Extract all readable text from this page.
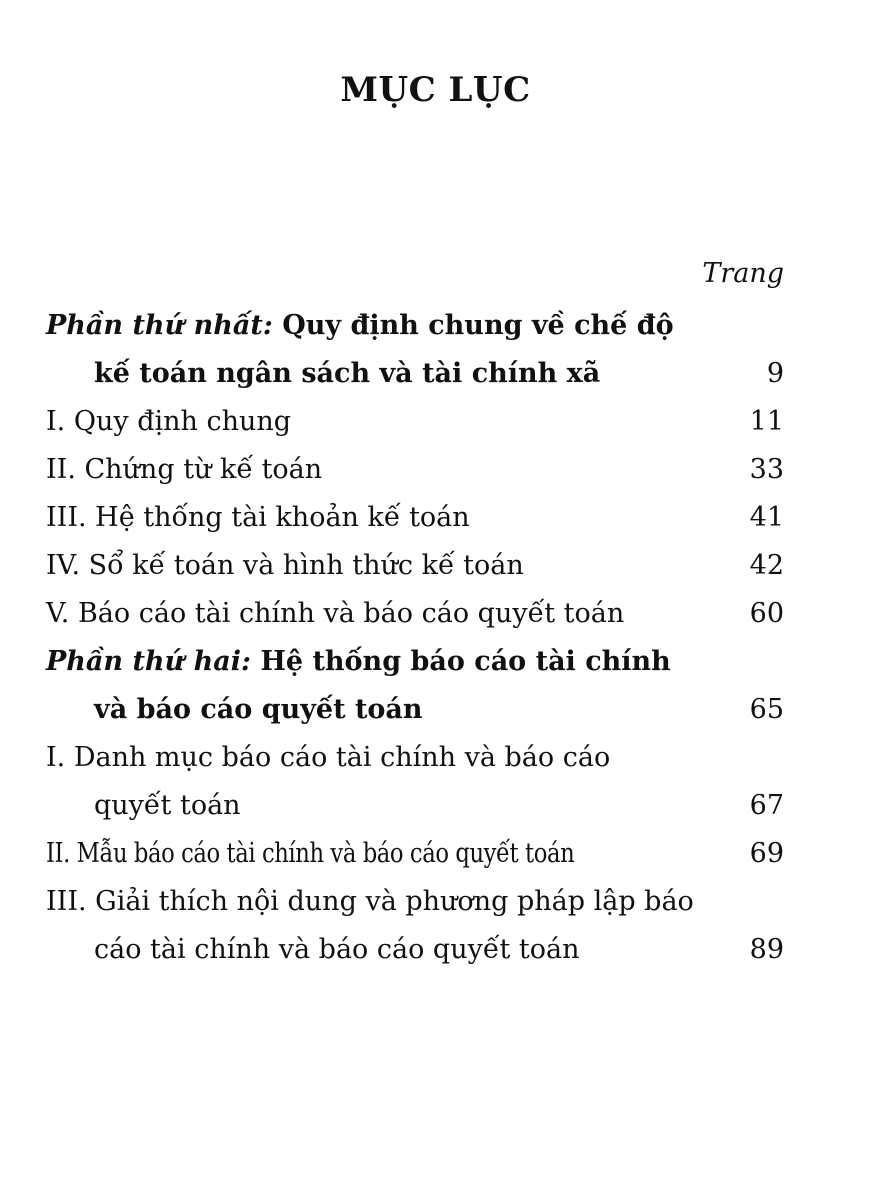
MỤC LỤC
Trang
Phần thứ nhất: Quy định chung về chế độ
kế toán ngân sách và tài chính xã	9
I. Quy định chung	11
II. Chứng từ kế toán	33
III. Hệ thống tài khoản kế toán	41
IV. Sổ kế toán và hình thức kế toán	42
V. Báo cáo tài chính và báo cáo quyết toán	60
Phần thứ hai: Hệ thống báo cáo tài chính
và báo cáo quyết toán	65
I. Danh mục báo cáo tài chính và báo cáo
quyết toán	67
II. Mẫu báo cáo tài chính và báo cáo quyết toán	69
III. Giải thích nội dung và phương pháp lập báo
cáo tài chính và báo cáo quyết toán	89
